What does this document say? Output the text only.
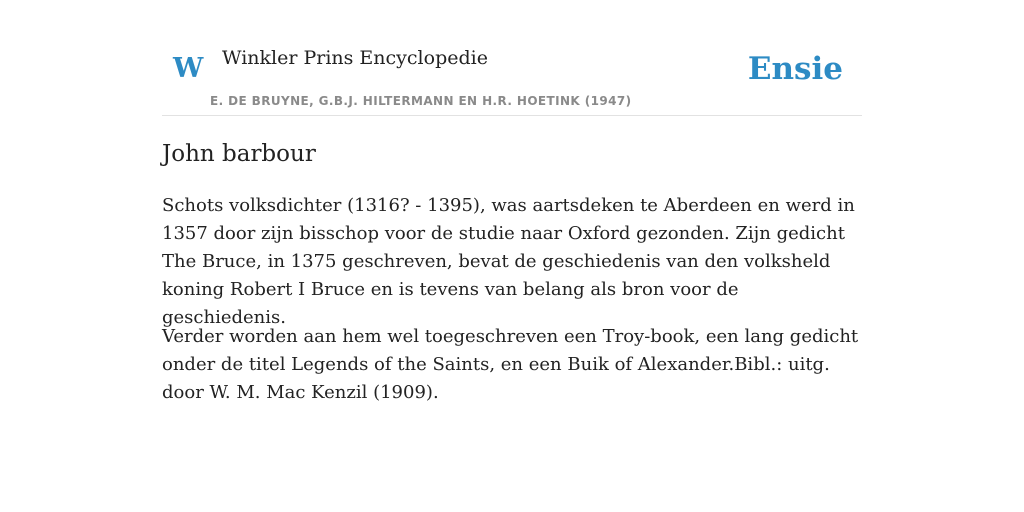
W Winkler Prins Encyclopedie
E. DE BRUYNE, G.B.J. HILTERMANN EN H.R. HOETINK (1947)
Ensie
John barbour

Schots volksdichter (1316? - 1395), was aartsdeken te Aberdeen en werd in 1357 door zijn bisschop voor de studie naar Oxford gezonden. Zijn gedicht The Bruce, in 1375 geschreven, bevat de geschiedenis van den volksheld koning Robert I Bruce en is tevens van belang als bron voor de geschiedenis.

Verder worden aan hem wel toegeschreven een Troy-book, een lang gedicht onder de titel Legends of the Saints, en een Buik of Alexander.Bibl.: uitg. door W. M. Mac Kenzil (1909).
